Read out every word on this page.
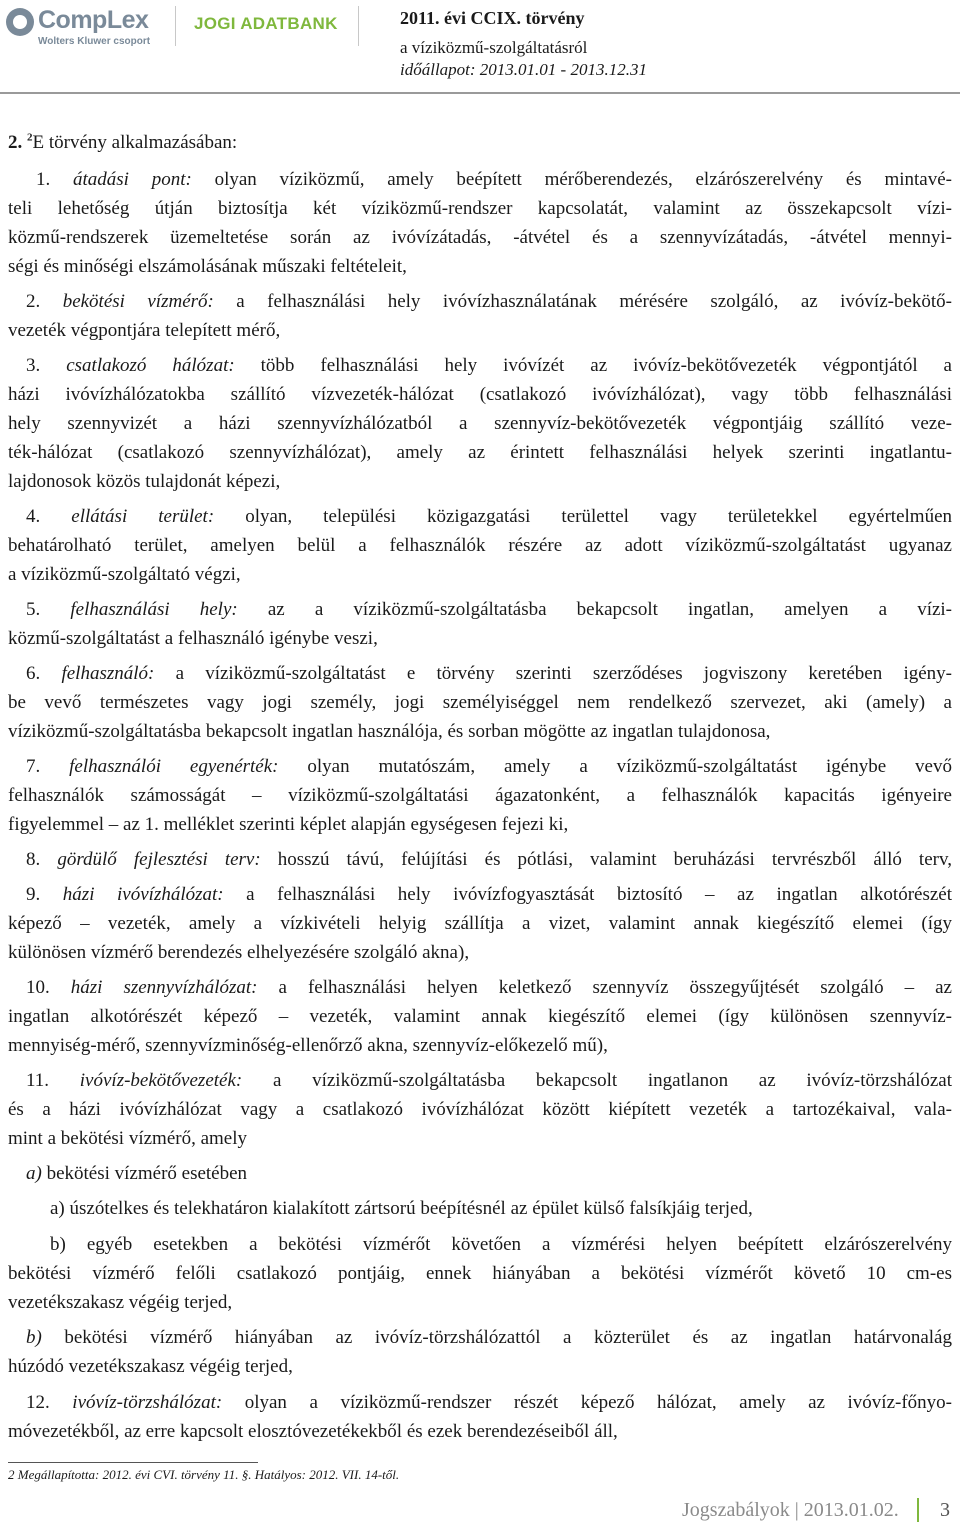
CompLex
Wolters Kluwer csoport
JOGI ADATBANK	2011. évi CCIX. törvény
a víziközmű-szolgáltatásról
időállapot: 2013.01.01 - 2013.12.31
2. $^2$E törvény alkalmazásában:
1. átadási pont: olyan víziközmű, amely beépített mérőberendezés, elzárószerelvény és mintavé-
teli lehetőség útján biztosítja két víziközmű-rendszer kapcsolatát, valamint az összekapcsolt vízi-
közmű-rendszerek üzemeltetése során az ivóvízátadás, -átvétel és a szennyvízátadás, -átvétel mennyi-
ségi és minőségi elszámolásának műszaki feltételeit,
2. bekötési vízmérő: a felhasználási hely ivóvízhasználatának mérésére szolgáló, az ivóvíz-bekötő-
vezeték végpontjára telepített mérő,
3. csatlakozó hálózat: több felhasználási hely ivóvízét az ivóvíz-bekötővezeték végpontjától a
házi ivóvízhálózatokba szállító vízvezeték-hálózat (csatlakozó ivóvízhálózat), vagy több felhasználási
hely szennyvizét a házi szennyvízhálózatból a szennyvíz-bekötővezeték végpontjáig szállító veze-
ték-hálózat (csatlakozó szennyvízhálózat), amely az érintett felhasználási helyek szerinti ingatlantu-
lajdonosok közös tulajdonát képezi,
4. ellátási terület: olyan, települési közigazgatási területtel vagy területekkel egyértelműen
behatárolható terület, amelyen belül a felhasználók részére az adott víziközmű-szolgáltatást ugyanaz
a víziközmű-szolgáltató végzi,
5. felhasználási hely: az a víziközmű-szolgáltatásba bekapcsolt ingatlan, amelyen a vízi-
közmű-szolgáltatást a felhasználó igénybe veszi,
6. felhasználó: a víziközmű-szolgáltatást e törvény szerinti szerződéses jogviszony keretében igény-
be vevő természetes vagy jogi személy, jogi személyiséggel nem rendelkező szervezet, aki (amely) a
víziközmű-szolgáltatásba bekapcsolt ingatlan használója, és sorban mögötte az ingatlan tulajdonosa,
7. felhasználói egyenérték: olyan mutatószám, amely a víziközmű-szolgáltatást igénybe vevő
felhasználók számosságát – víziközmű-szolgáltatási ágazatonként, a felhasználók kapacitás igényeire
figyelemmel – az 1. melléklet szerinti képlet alapján egységesen fejezi ki,
8. gördülő fejlesztési terv: hosszú távú, felújítási és pótlási, valamint beruházási tervrészből álló terv,
9. házi ivóvízhálózat: a felhasználási hely ivóvízfogyasztását biztosító – az ingatlan alkotórészét
képező – vezeték, amely a vízkivételi helyig szállítja a vizet, valamint annak kiegészítő elemei (így
különösen vízmérő berendezés elhelyezésére szolgáló akna),
10. házi szennyvízhálózat: a felhasználási helyen keletkező szennyvíz összegyűjtését szolgáló – az
ingatlan alkotórészét képező – vezeték, valamint annak kiegészítő elemei (így különösen szennyvíz-
mennyiség-mérő, szennyvízminőség-ellenőrző akna, szennyvíz-előkezelő mű),
11. ivóvíz-bekötővezeték: a víziközmű-szolgáltatásba bekapcsolt ingatlanon az ivóvíz-törzshálózat
és a házi ivóvízhálózat vagy a csatlakozó ivóvízhálózat között kiépített vezeték a tartozékaival, vala-
mint a bekötési vízmérő, amely
a) bekötési vízmérő esetében
a) úszótelkes és telekhatáron kialakított zártsorú beépítésnél az épület külső falsíkjáig terjed,
b) egyéb esetekben a bekötési vízmérőt követően a vízmérési helyen beépített elzárószerelvény
bekötési vízmérő felőli csatlakozó pontjáig, ennek hiányában a bekötési vízmérőt követő 10 cm-es
vezetékszakasz végéig terjed,
b) bekötési vízmérő hiányában az ivóvíz-törzshálózattól a közterület és az ingatlan határvonalág
húzódó vezetékszakasz végéig terjed,
12. ivóvíz-törzshálózat: olyan a víziközmű-rendszer részét képező hálózat, amely az ivóvíz-főnyo-
móvezetékből, az erre kapcsolt elosztóvezetékekből és ezek berendezéseiből áll,
2 Megállapította: 2012. évi CVI. törvény 11. §. Hatályos: 2012. VII. 14-től.
Jogszabályok | 2013.01.02. 3
